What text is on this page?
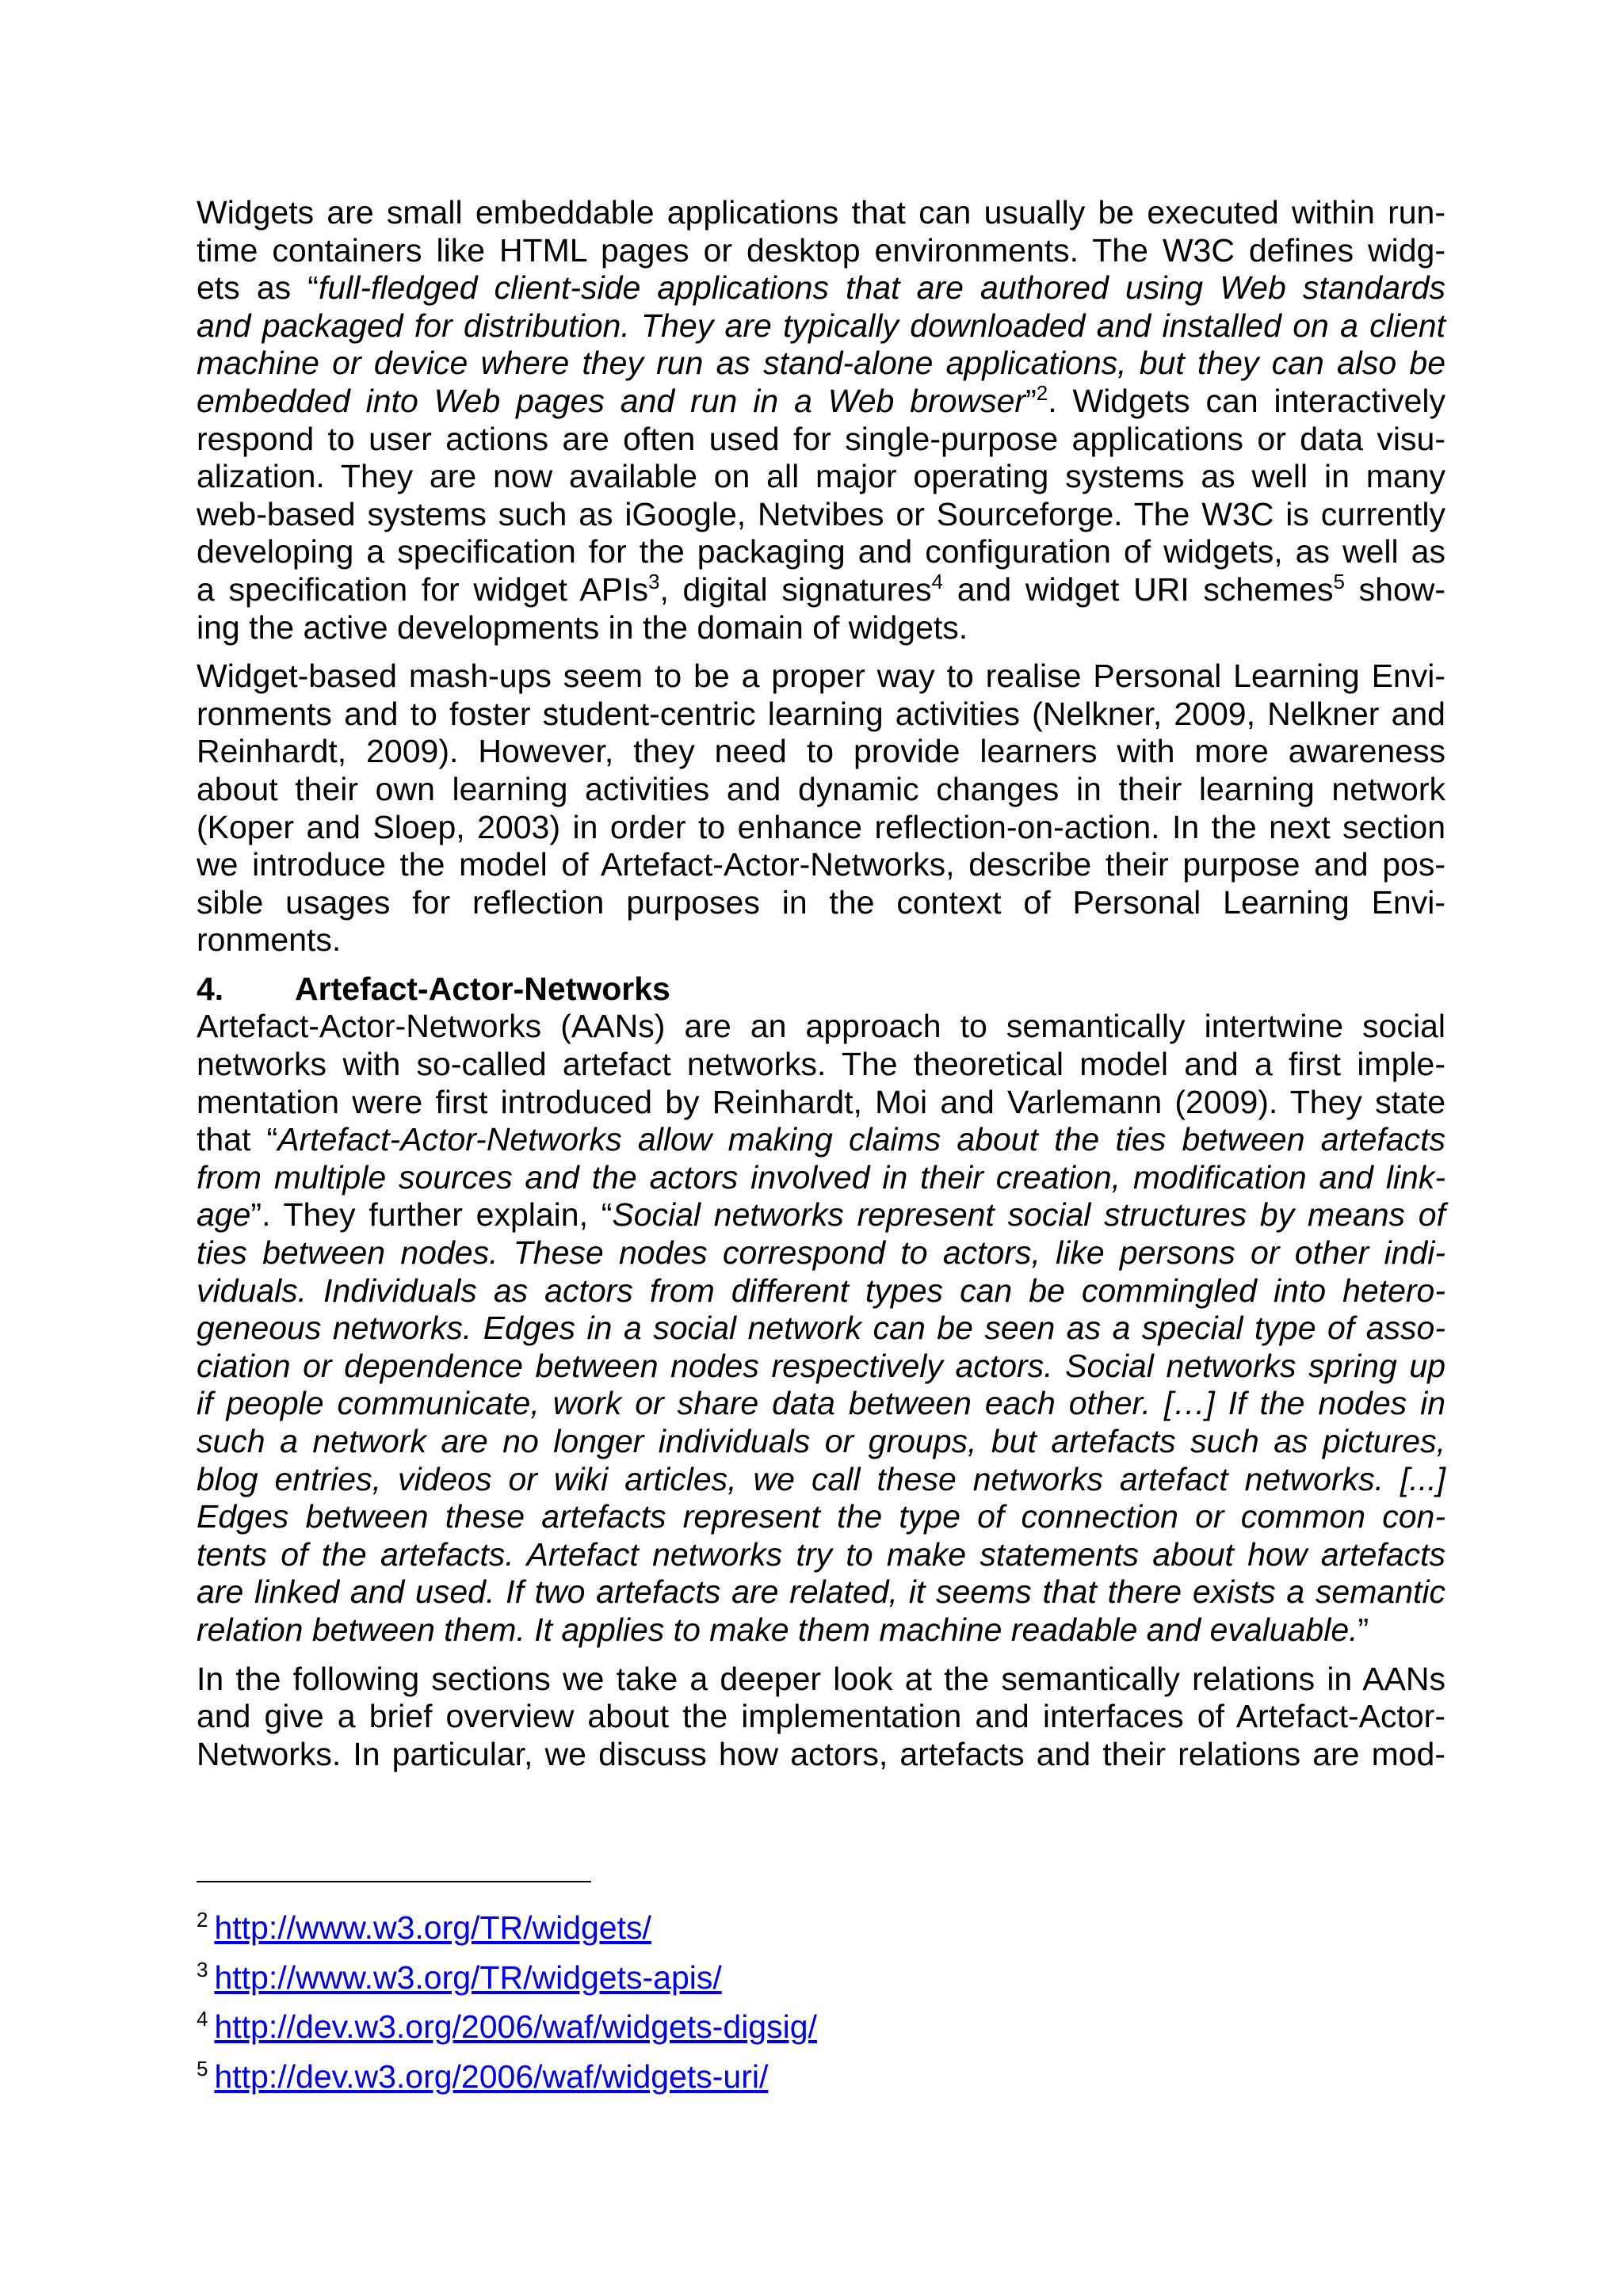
Widgets are small embeddable applications that can usually be executed within run-
time containers like HTML pages or desktop environments. The W3C defines widg-
ets as “full-fledged client-side applications that are authored using Web standards
and packaged for distribution. They are typically downloaded and installed on a client
machine or device where they run as stand-alone applications, but they can also be
embedded into Web pages and run in a Web browser”$^2$. Widgets can interactively
respond to user actions are often used for single-purpose applications or data visu-
alization. They are now available on all major operating systems as well in many
web-based systems such as iGoogle, Netvibes or Sourceforge. The W3C is currently
developing a specification for the packaging and configuration of widgets, as well as
a specification for widget APIs$^3$, digital signatures$^4$ and widget URI schemes$^5$ show-
ing the active developments in the domain of widgets.
Widget-based mash-ups seem to be a proper way to realise Personal Learning Envi-
ronments and to foster student-centric learning activities (Nelkner, 2009, Nelkner and
Reinhardt, 2009). However, they need to provide learners with more awareness
about their own learning activities and dynamic changes in their learning network
(Koper and Sloep, 2003) in order to enhance reflection-on-action. In the next section
we introduce the model of Artefact-Actor-Networks, describe their purpose and pos-
sible usages for reflection purposes in the context of Personal Learning Envi-
ronments.
4. Artefact-Actor-Networks
Artefact-Actor-Networks (AANs) are an approach to semantically intertwine social
networks with so-called artefact networks. The theoretical model and a first imple-
mentation were first introduced by Reinhardt, Moi and Varlemann (2009). They state
that “Artefact-Actor-Networks allow making claims about the ties between artefacts
from multiple sources and the actors involved in their creation, modification and link-
age”. They further explain, “Social networks represent social structures by means of
ties between nodes. These nodes correspond to actors, like persons or other indi-
viduals. Individuals as actors from different types can be commingled into hetero-
geneous networks. Edges in a social network can be seen as a special type of asso-
ciation or dependence between nodes respectively actors. Social networks spring up
if people communicate, work or share data between each other. […] If the nodes in
such a network are no longer individuals or groups, but artefacts such as pictures,
blog entries, videos or wiki articles, we call these networks artefact networks. [...]
Edges between these artefacts represent the type of connection or common con-
tents of the artefacts. Artefact networks try to make statements about how artefacts
are linked and used. If two artefacts are related, it seems that there exists a semantic
relation between them. It applies to make them machine readable and evaluable.”
In the following sections we take a deeper look at the semantically relations in AANs
and give a brief overview about the implementation and interfaces of Artefact-Actor-
Networks. In particular, we discuss how actors, artefacts and their relations are mod-
$^2$ http://www.w3.org/TR/widgets/
$^3$ http://www.w3.org/TR/widgets-apis/
$^4$ http://dev.w3.org/2006/waf/widgets-digsig/
$^5$ http://dev.w3.org/2006/waf/widgets-uri/
